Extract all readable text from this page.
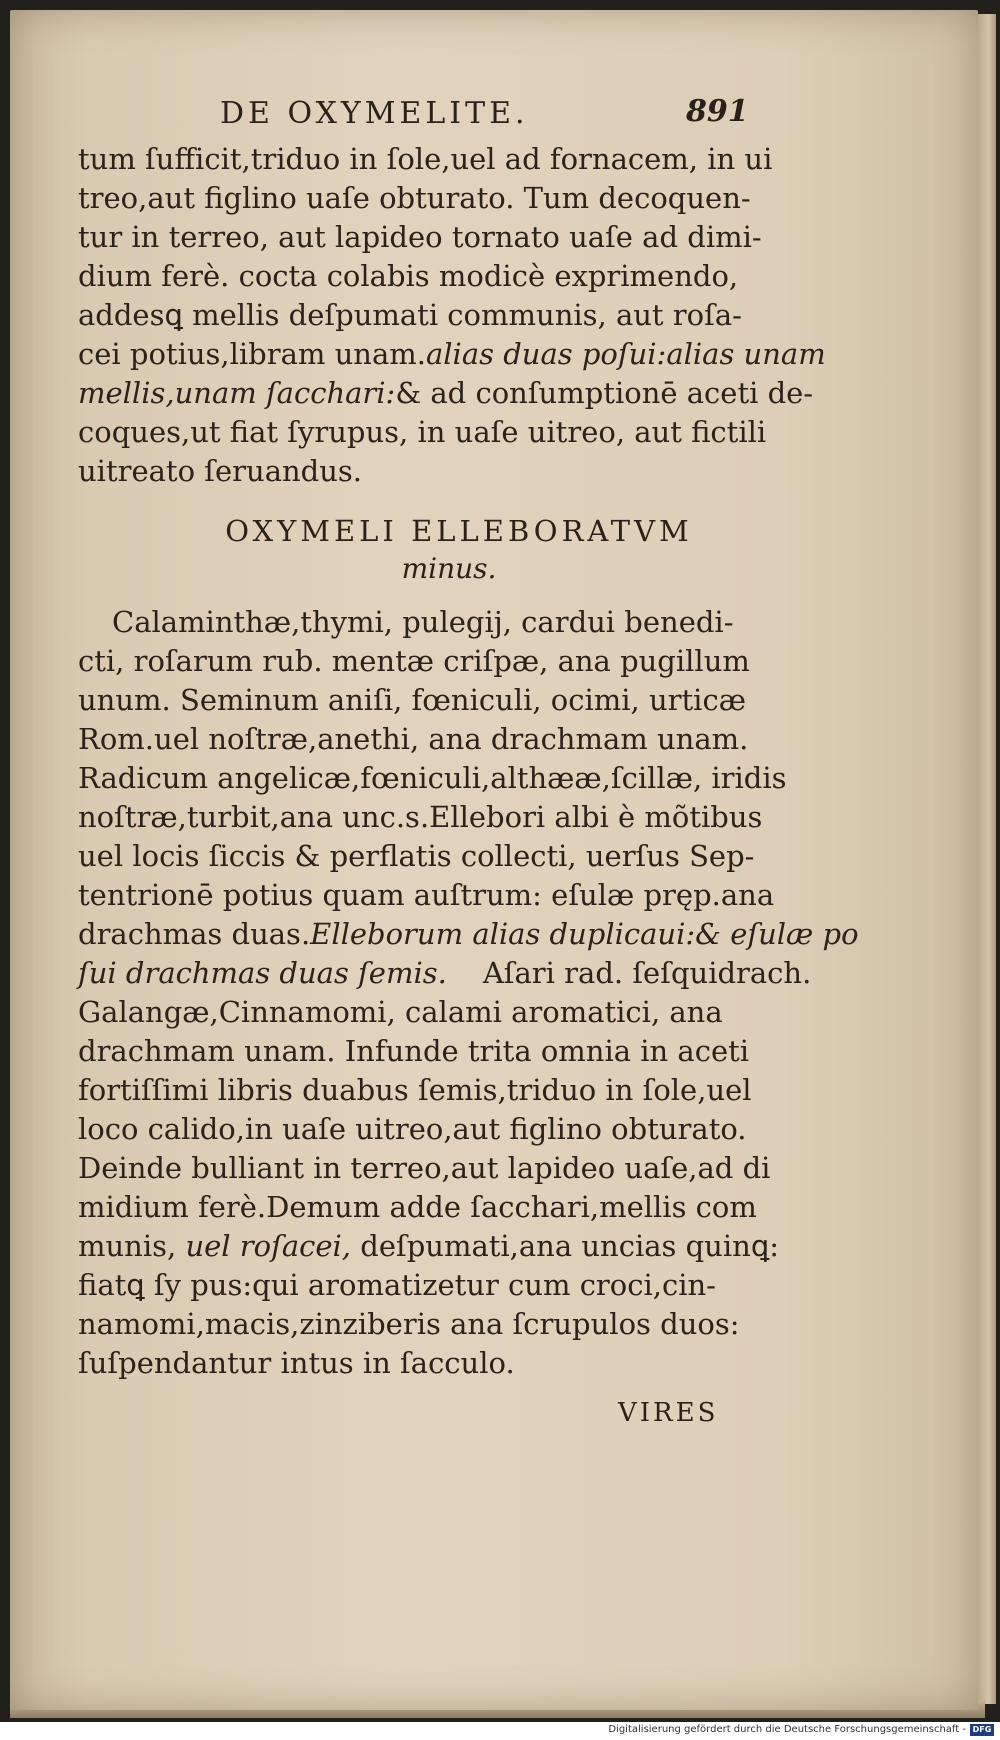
DE OXYMELITE.	891
tum ſufficit,triduo in ſole,uel ad fornacem, in ui
treo,aut figlino uaſe obturato. Tum decoquen-
tur in terreo, aut lapideo tornato uaſe ad dimi-
dium ferè. cocta colabis modicè exprimendo,
addesꝗ mellis deſpumati communis, aut roſa-
cei potius,libram unam.alias duas poſui:alias unam
mellis,unam ſacchari:& ad conſumptionē aceti de-
coques,ut fiat ſyrupus, in uaſe uitreo, aut fictili
uitreato ſeruandus.
OXYMELI ELLEBORATVM
minus.
Calaminthæ,thymi, pulegij, cardui benedi-
cti, roſarum rub. mentæ criſpæ, ana pugillum
unum. Seminum aniſi, fœniculi, ocimi, urticæ
Rom.uel noſtræ,anethi, ana drachmam unam.
Radicum angelicæ,fœniculi,althææ,ſcillæ, iridis
noſtræ,turbit,ana unc.s.Ellebori albi è mõtibus
uel locis ſiccis & perflatis collecti, uerſus Sep-
tentrionē potius quam auſtrum: eſulæ pręp.ana
drachmas duas.Elleborum alias duplicaui:& eſulæ po
ſui drachmas duas ſemis. Aſari rad. ſeſquidrach.
Galangæ,Cinnamomi, calami aromatici, ana
drachmam unam. Infunde trita omnia in aceti
fortiſſimi libris duabus ſemis,triduo in ſole,uel
loco calido,in uaſe uitreo,aut figlino obturato.
Deinde bulliant in terreo,aut lapideo uaſe,ad di
midium ferè.Demum adde ſacchari,mellis com
munis, uel roſacei, deſpumati,ana uncias quinꝗ:
fiatꝗ ſy pus:qui aromatizetur cum croci,cin-
namomi,macis,zinziberis ana ſcrupulos duos:
ſuſpendantur intus in ſacculo.
VIRES
Digitalisierung gefördert durch die Deutsche Forschungsgemeinschaft - DFG
